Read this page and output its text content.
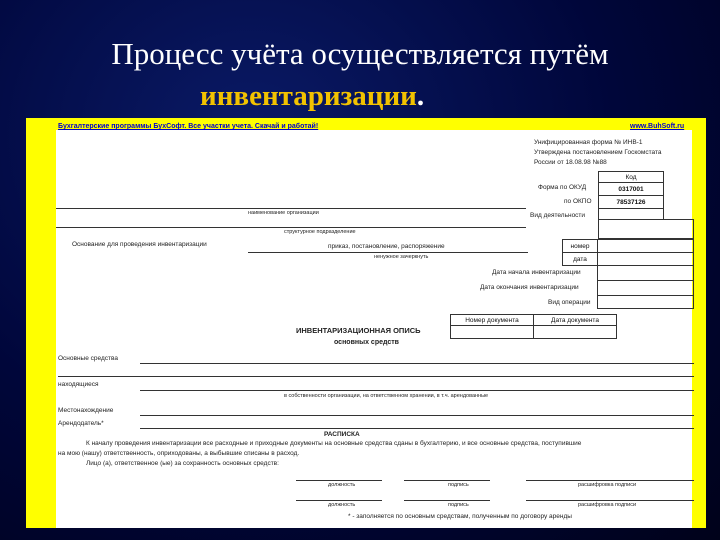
Процесс учёта осуществляется путём
инвентаризации.
Бухгалтерские программы БухСофт. Все участки учета. Скачай и работай!	www.BuhSoft.ru
Унифицированная форма № ИНВ-1
Утверждена постановлением Госкомстата
России от 18.08.98 №88
Код
Форма по ОКУД	0317001
по ОКПО	78537126
наименование организации	Вид деятельности
структурное подразделение
Основание для проведения инвентаризации	приказ, постановление, распоряжение
ненужное зачеркнуть
номер
дата
Дата начала инвентаризации
Дата окончания инвентаризации
Вид операции
Номер документа	Дата документа
ИНВЕНТАРИЗАЦИОННАЯ ОПИСЬ
основных средств
Основные средства
находящиеся
в собственности организации, на ответственном хранении, в т.ч. арендованные
Местонахождение
Арендодатель*
РАСПИСКА
К началу проведения инвентаризации все расходные и приходные документы на основные средства сданы в бухгалтерию, и все основные средства, поступившие
на мою (нашу) ответственность, оприходованы, а выбывшие списаны в расход.
Лицо (а), ответственное (ые) за сохранность основных средств:
должность	подпись	расшифровка подписи
должность	подпись	расшифровка подписи
* - заполняется по основным средствам, полученным по договору аренды
